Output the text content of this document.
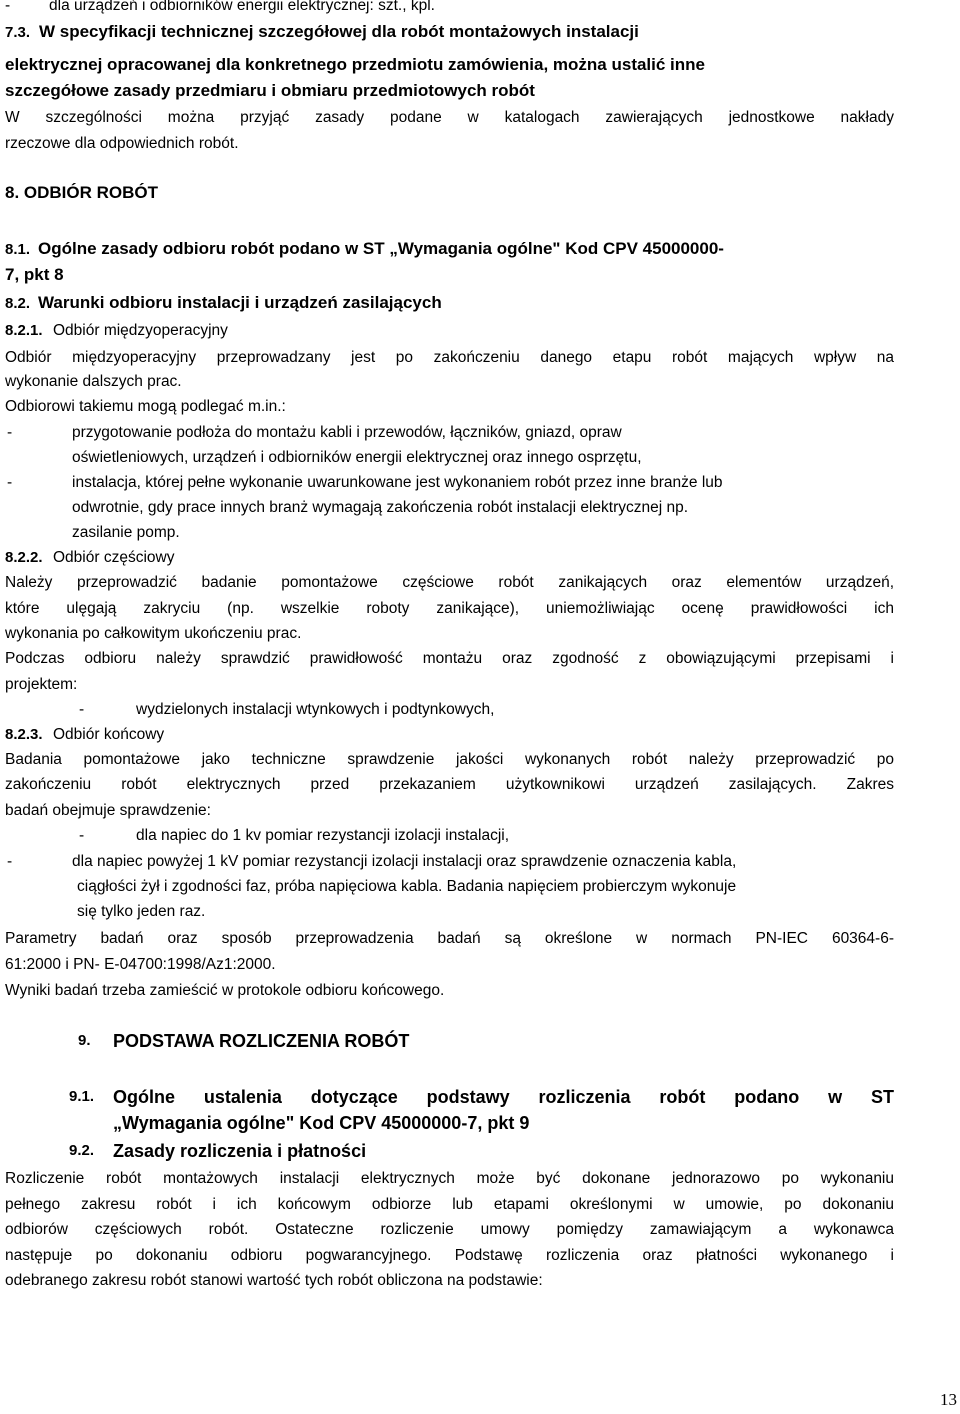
-	dla urządzeń i odbiorników energii elektrycznej: szt., kpl.
7.3. W specyfikacji technicznej szczegółowej dla robót montażowych instalacji
elektrycznej opracowanej dla konkretnego przedmiotu zamówienia, można ustalić inne
szczegółowe zasady przedmiaru i obmiaru przedmiotowych robót
W szczególności można przyjąć zasady podane w katalogach zawierających jednostkowe nakłady
rzeczowe dla odpowiednich robót.
8. ODBIÓR ROBÓT
8.1. Ogólne zasady odbioru robót podano w ST „Wymagania ogólne" Kod CPV 45000000-
7, pkt 8
8.2. Warunki odbioru instalacji i urządzeń zasilających
8.2.1. Odbiór międzyoperacyjny
Odbiór międzyoperacyjny przeprowadzany jest po zakończeniu danego etapu robót mających wpływ na
wykonanie dalszych prac.
Odbiorowi takiemu mogą podlegać m.in.:
-	przygotowanie podłoża do montażu kabli i przewodów, łączników, gniazd, opraw
oświetleniowych, urządzeń i odbiorników energii elektrycznej oraz innego osprzętu,
-	instalacja, której pełne wykonanie uwarunkowane jest wykonaniem robót przez inne branże lub
odwrotnie, gdy prace innych branż wymagają zakończenia robót instalacji elektrycznej np.
zasilanie pomp.
8.2.2. Odbiór częściowy
Należy przeprowadzić badanie pomontażowe częściowe robót zanikających oraz elementów urządzeń,
które ulęgają zakryciu (np. wszelkie roboty zanikające), uniemożliwiając ocenę prawidłowości ich
wykonania po całkowitym ukończeniu prac.
Podczas odbioru należy sprawdzić prawidłowość montażu oraz zgodność z obowiązującymi przepisami i
projektem:
-	wydzielonych instalacji wtynkowych i podtynkowych,
8.2.3. Odbiór końcowy
Badania pomontażowe jako techniczne sprawdzenie jakości wykonanych robót należy przeprowadzić po
zakończeniu robót elektrycznych przed przekazaniem użytkownikowi urządzeń zasilających. Zakres
badań obejmuje sprawdzenie:
-	dla napiec do 1 kv pomiar rezystancji izolacji instalacji,
-	dla napiec powyżej 1 kV pomiar rezystancji izolacji instalacji oraz sprawdzenie oznaczenia kabla,
ciągłości żył i zgodności faz, próba napięciowa kabla. Badania napięciem probierczym wykonuje
się tylko jeden raz.
Parametry badań oraz sposób przeprowadzenia badań są określone w normach PN-IEC 60364-6-
61:2000 i PN- E-04700:1998/Az1:2000.
Wyniki badań trzeba zamieścić w protokole odbioru końcowego.
9. PODSTAWA ROZLICZENIA ROBÓT
9.1. Ogólne ustalenia dotyczące podstawy rozliczenia robót podano w ST
„Wymagania ogólne" Kod CPV 45000000-7, pkt 9
9.2. Zasady rozliczenia i płatności
Rozliczenie robót montażowych instalacji elektrycznych może być dokonane jednorazowo po wykonaniu
pełnego zakresu robót i ich końcowym odbiorze lub etapami określonymi w umowie, po dokonaniu
odbiorów częściowych robót. Ostateczne rozliczenie umowy pomiędzy zamawiającym a wykonawca
następuje po dokonaniu odbioru pogwarancyjnego. Podstawę rozliczenia oraz płatności wykonanego i
odebranego zakresu robót stanowi wartość tych robót obliczona na podstawie:
13
